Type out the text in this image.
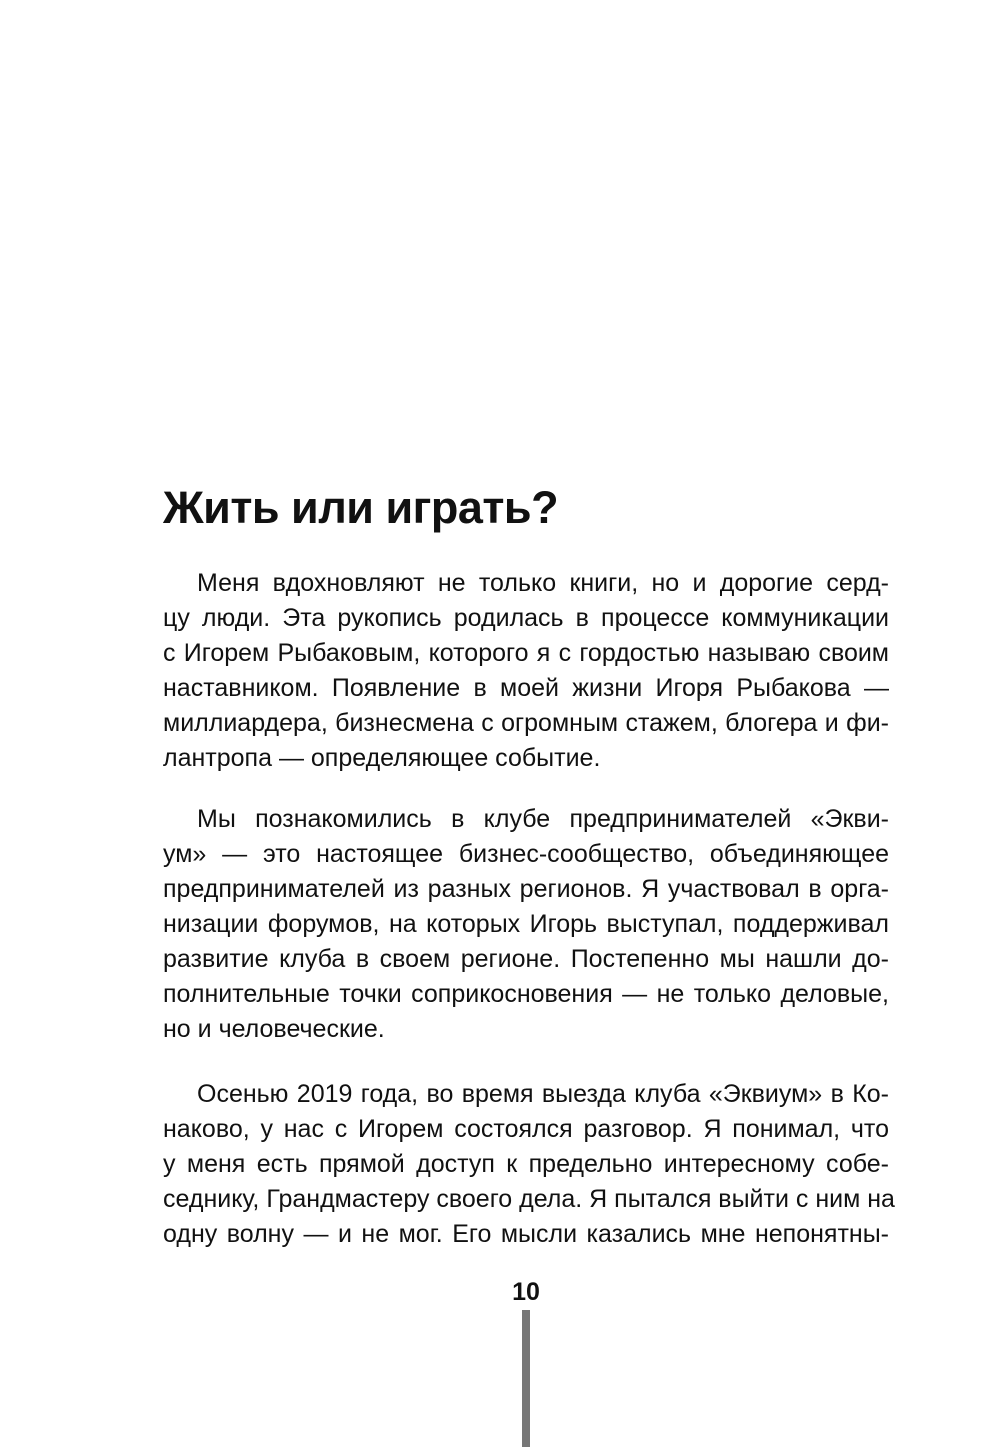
Жить или играть?
Меня вдохновляют не только книги, но и дорогие серд-
цу люди. Эта рукопись родилась в процессе коммуникации
с Игорем Рыбаковым, которого я с гордостью называю своим
наставником. Появление в моей жизни Игоря Рыбакова —
миллиардера, бизнесмена с огромным стажем, блогера и фи-
лантропа — определяющее событие.
Мы познакомились в клубе предпринимателей «Экви-
ум» — это настоящее бизнес-сообщество, объединяющее
предпринимателей из разных регионов. Я участвовал в орга-
низации форумов, на которых Игорь выступал, поддерживал
развитие клуба в своем регионе. Постепенно мы нашли до-
полнительные точки соприкосновения — не только деловые,
но и человеческие.
Осенью 2019 года, во время выезда клуба «Эквиум» в Ко-
наково, у нас с Игорем состоялся разговор. Я понимал, что
у меня есть прямой доступ к предельно интересному собе-
седнику, Грандмастеру своего дела. Я пытался выйти с ним на
одну волну — и не мог. Его мысли казались мне непонятны-
10
